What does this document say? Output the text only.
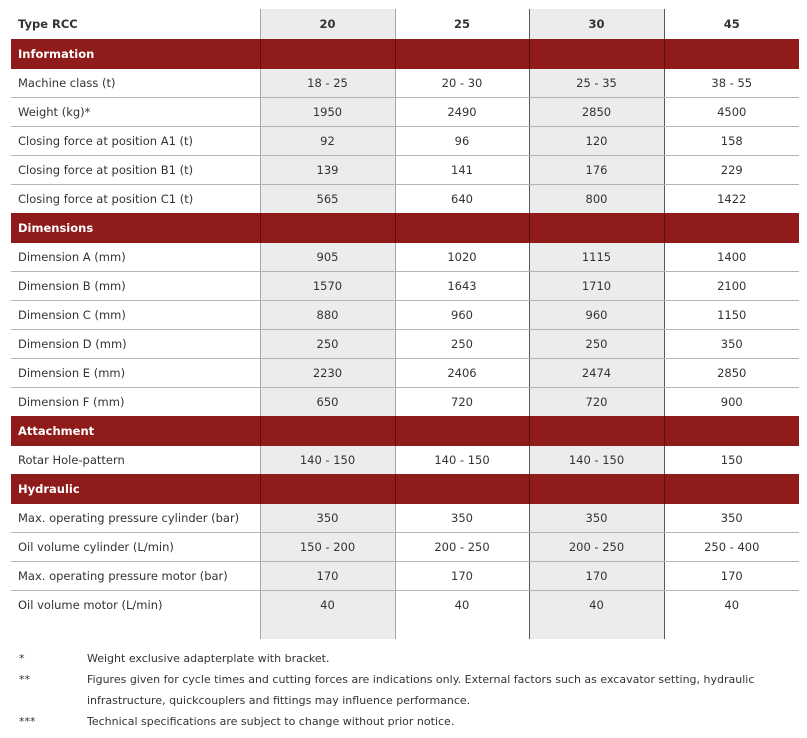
Type RCC	20	25	30	45
Information				
Machine class (t)	18 - 25	20 - 30	25 - 35	38 - 55
Weight (kg)*	1950	2490	2850	4500
Closing force at position A1 (t)	92	96	120	158
Closing force at position B1 (t)	139	141	176	229
Closing force at position C1 (t)	565	640	800	1422
Dimensions				
Dimension A (mm)	905	1020	1115	1400
Dimension B (mm)	1570	1643	1710	2100
Dimension C (mm)	880	960	960	1150
Dimension D (mm)	250	250	250	350
Dimension E (mm)	2230	2406	2474	2850
Dimension F (mm)	650	720	720	900
Attachment				
Rotar Hole-pattern	140 - 150	140 - 150	140 - 150	150
Hydraulic				
Max. operating pressure cylinder (bar)	350	350	350	350
Oil volume cylinder (L/min)	150 - 200	200 - 250	200 - 250	250 - 400
Max. operating pressure motor (bar)	170	170	170	170
Oil volume motor (L/min)	40	40	40	40

*	Weight exclusive adapterplate with bracket.
**	Figures given for cycle times and cutting forces are indications only. External factors such as excavator setting, hydraulic infrastructure, quickcouplers and fittings may influence performance.
***	Technical specifications are subject to change without prior notice.
